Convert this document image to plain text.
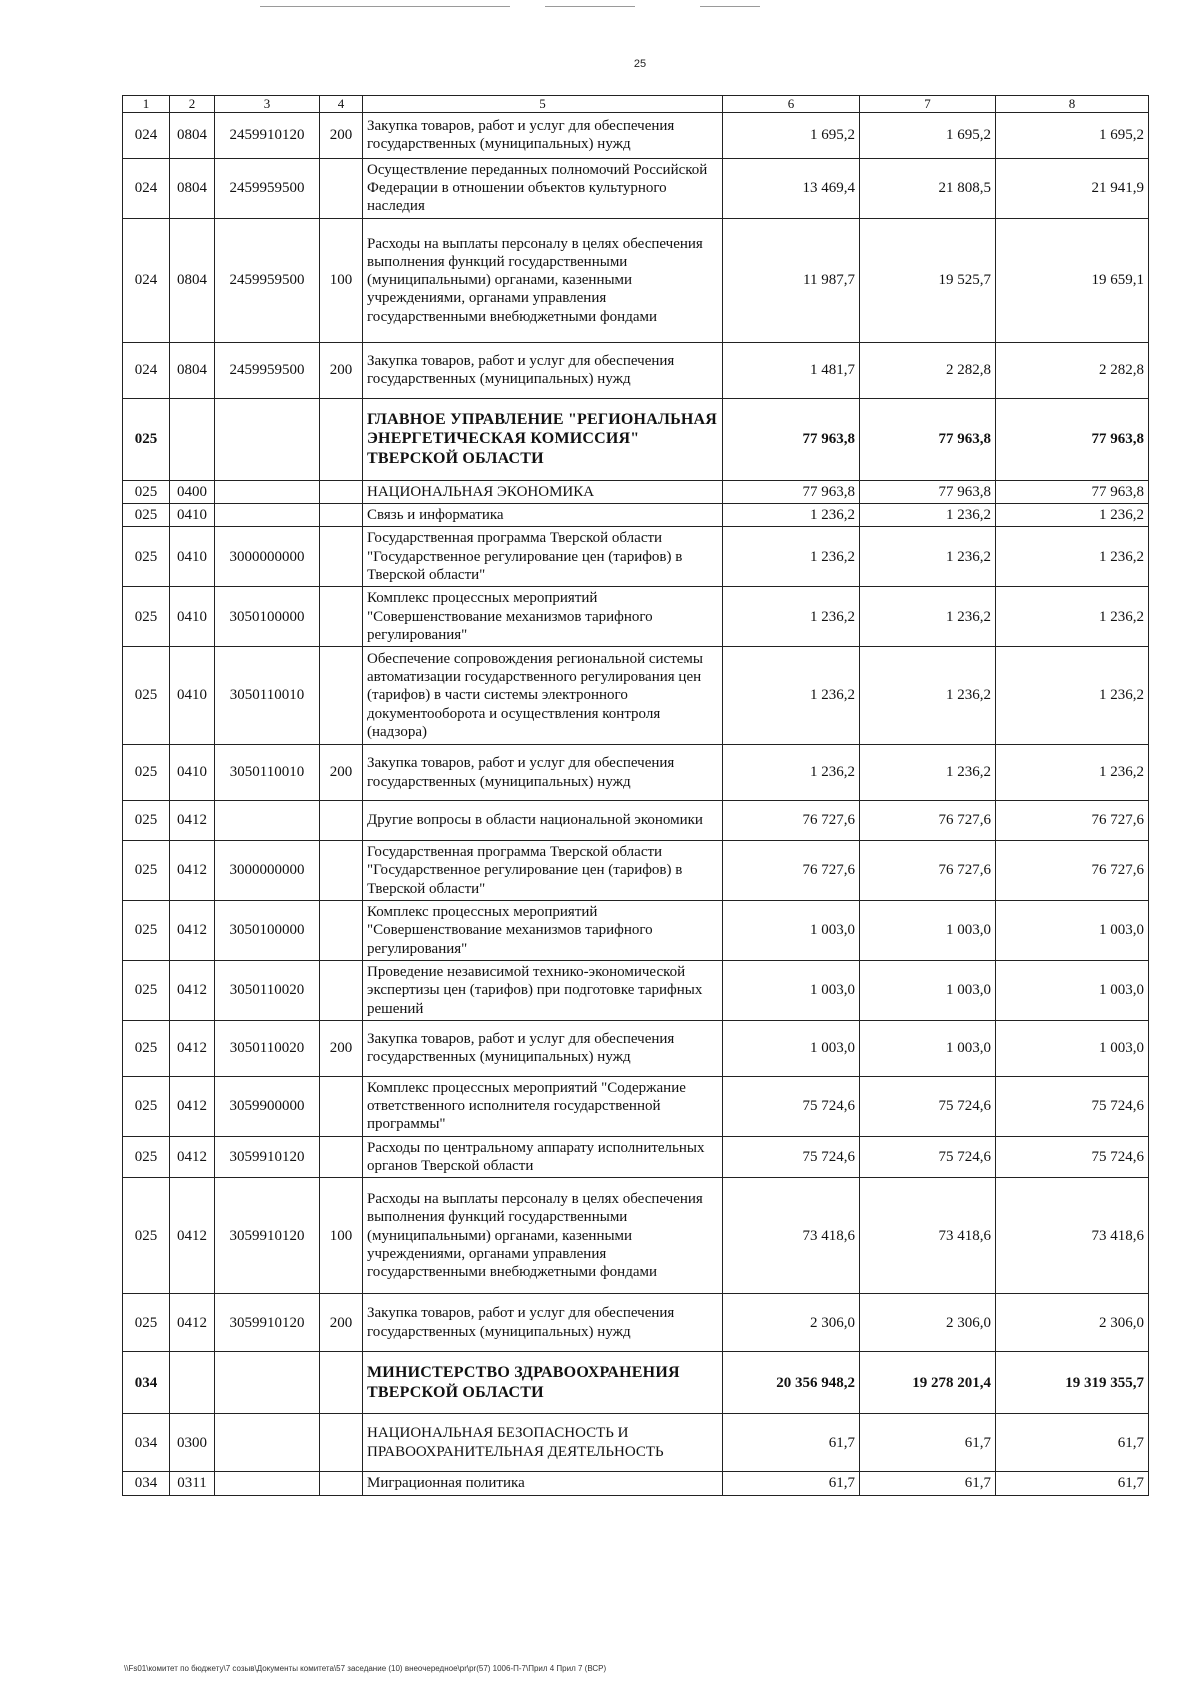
25
1	2	3	4	5	6	7	8
024	0804	2459910120	200	Закупка товаров, работ и услуг для обеспечения государственных (муниципальных) нужд	1 695,2	1 695,2	1 695,2
024	0804	2459959500		Осуществление переданных полномочий Российской Федерации в отношении объектов культурного наследия	13 469,4	21 808,5	21 941,9
024	0804	2459959500	100	Расходы на выплаты персоналу в целях обеспечения выполнения функций государственными (муниципальными) органами, казенными учреждениями, органами управления государственными внебюджетными фондами	11 987,7	19 525,7	19 659,1
024	0804	2459959500	200	Закупка товаров, работ и услуг для обеспечения государственных (муниципальных) нужд	1 481,7	2 282,8	2 282,8
025				ГЛАВНОЕ УПРАВЛЕНИЕ "РЕГИОНАЛЬНАЯ ЭНЕРГЕТИЧЕСКАЯ КОМИССИЯ" ТВЕРСКОЙ ОБЛАСТИ	77 963,8	77 963,8	77 963,8
025	0400			НАЦИОНАЛЬНАЯ ЭКОНОМИКА	77 963,8	77 963,8	77 963,8
025	0410			Связь и информатика	1 236,2	1 236,2	1 236,2
025	0410	3000000000		Государственная программа Тверской области "Государственное регулирование цен (тарифов) в Тверской области"	1 236,2	1 236,2	1 236,2
025	0410	3050100000		Комплекс процессных мероприятий "Совершенствование механизмов тарифного регулирования"	1 236,2	1 236,2	1 236,2
025	0410	3050110010		Обеспечение сопровождения региональной системы автоматизации государственного регулирования цен (тарифов) в части системы электронного документооборота и осуществления контроля (надзора)	1 236,2	1 236,2	1 236,2
025	0410	3050110010	200	Закупка товаров, работ и услуг для обеспечения государственных (муниципальных) нужд	1 236,2	1 236,2	1 236,2
025	0412			Другие вопросы в области национальной экономики	76 727,6	76 727,6	76 727,6
025	0412	3000000000		Государственная программа Тверской области "Государственное регулирование цен (тарифов) в Тверской области"	76 727,6	76 727,6	76 727,6
025	0412	3050100000		Комплекс процессных мероприятий "Совершенствование механизмов тарифного регулирования"	1 003,0	1 003,0	1 003,0
025	0412	3050110020		Проведение независимой технико-экономической экспертизы цен (тарифов) при подготовке тарифных решений	1 003,0	1 003,0	1 003,0
025	0412	3050110020	200	Закупка товаров, работ и услуг для обеспечения государственных (муниципальных) нужд	1 003,0	1 003,0	1 003,0
025	0412	3059900000		Комплекс процессных мероприятий "Содержание ответственного исполнителя государственной программы"	75 724,6	75 724,6	75 724,6
025	0412	3059910120		Расходы по центральному аппарату исполнительных органов Тверской области	75 724,6	75 724,6	75 724,6
025	0412	3059910120	100	Расходы на выплаты персоналу в целях обеспечения выполнения функций государственными (муниципальными) органами, казенными учреждениями, органами управления государственными внебюджетными фондами	73 418,6	73 418,6	73 418,6
025	0412	3059910120	200	Закупка товаров, работ и услуг для обеспечения государственных (муниципальных) нужд	2 306,0	2 306,0	2 306,0
034				МИНИСТЕРСТВО ЗДРАВООХРАНЕНИЯ ТВЕРСКОЙ ОБЛАСТИ	20 356 948,2	19 278 201,4	19 319 355,7
034	0300			НАЦИОНАЛЬНАЯ БЕЗОПАСНОСТЬ И ПРАВООХРАНИТЕЛЬНАЯ ДЕЯТЕЛЬНОСТЬ	61,7	61,7	61,7
034	0311			Миграционная политика	61,7	61,7	61,7
\\Fs01\комитет по бюджету\7 созыв\Документы комитета\57 заседание (10) внеочередное\pr\pr(57) 1006-П-7\Прил 4 Прил 7 (ВСР)
